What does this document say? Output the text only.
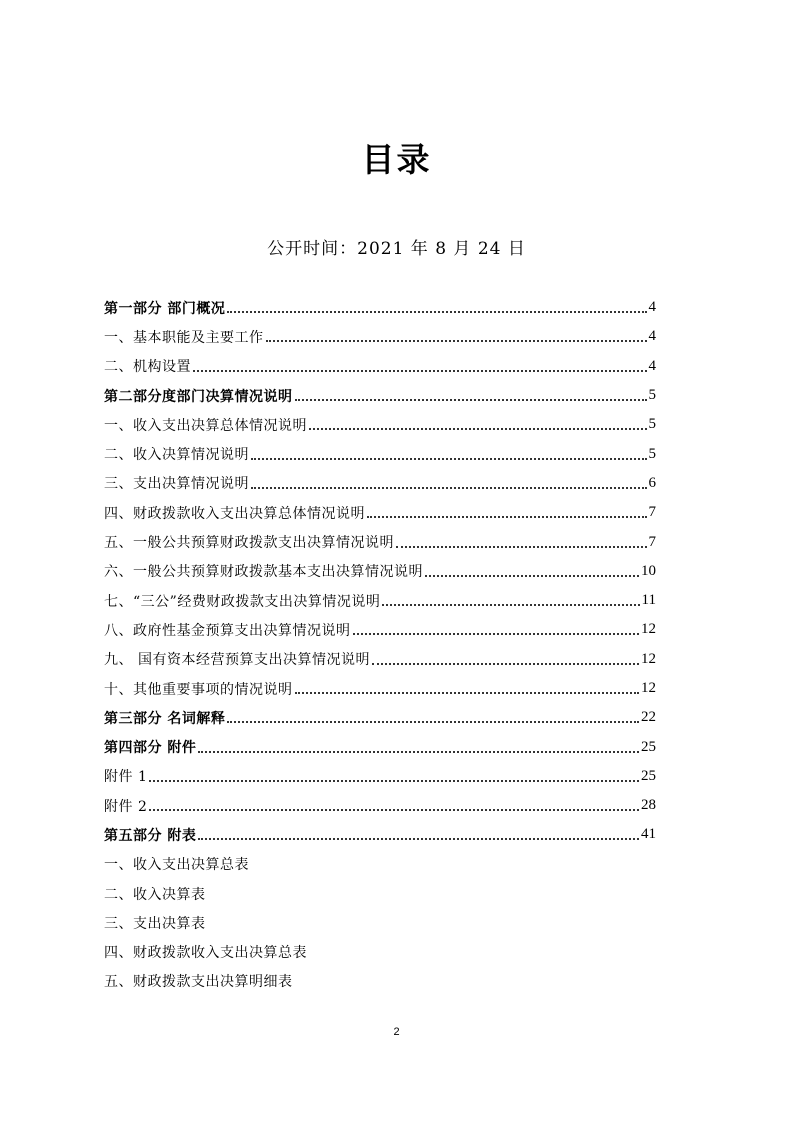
目录
公开时间：2021 年 8 月 24 日
第一部分 部门概况	4
一、基本职能及主要工作	4
二、机构设置	4
第二部分度部门决算情况说明	5
一、收入支出决算总体情况说明	5
二、收入决算情况说明	5
三、支出决算情况说明	6
四、财政拨款收入支出决算总体情况说明	7
五、一般公共预算财政拨款支出决算情况说明	7
六、一般公共预算财政拨款基本支出决算情况说明	10
七、“三公”经费财政拨款支出决算情况说明	11
八、政府性基金预算支出决算情况说明	12
九、 国有资本经营预算支出决算情况说明	12
十、其他重要事项的情况说明	12
第三部分 名词解释	22
第四部分 附件	25
附件 1	25
附件 2	28
第五部分 附表	41
一、收入支出决算总表
二、收入决算表
三、支出决算表
四、财政拨款收入支出决算总表
五、财政拨款支出决算明细表
2
